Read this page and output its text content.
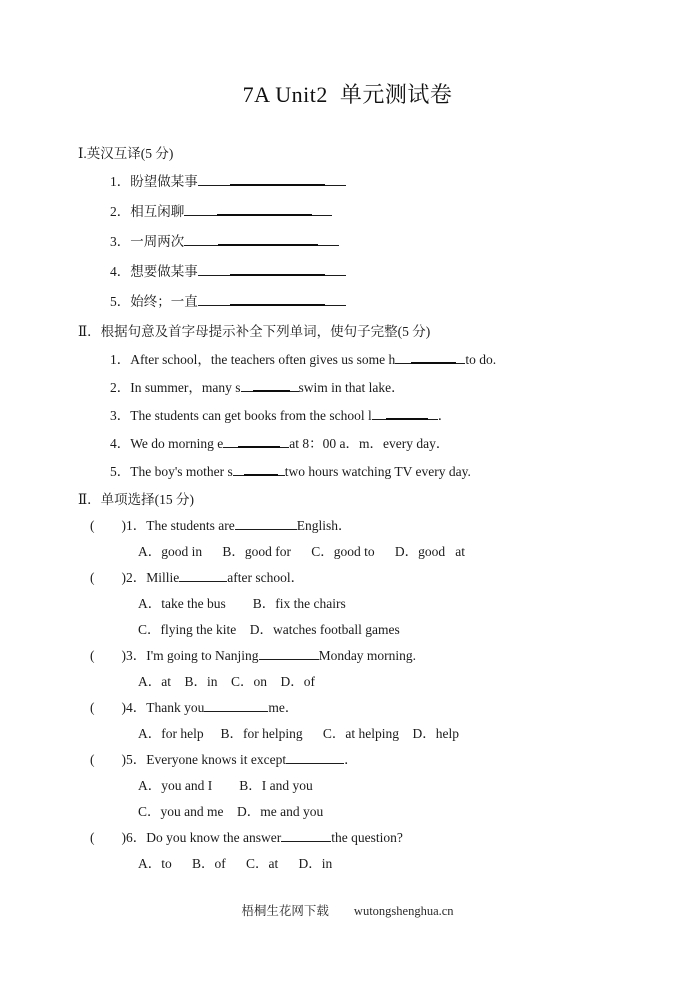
7A Unit2  单元测试卷
Ⅰ.英汉互译(5 分)
1． 盼望做某事
2． 相互闲聊
3． 一周两次
4． 想要做某事
5． 始终；一直
Ⅱ．根据句意及首字母提示补全下列单词，使句子完整(5 分)
1． After school，the teachers often gives us some h	to do.
2． In summer，many s	swim in that lake．
3． The students can get books from the school l	．
4． We do morning e	at 8：00 a．m．every day．
5． The boy's mother s	two hours watching TV every day.
Ⅱ．单项选择(15 分)
(        ) 1． The students are	English．
A．good in      B．good for      C．good to      D．good   at
(        ) 2． Millie	after school．
A．take the bus        B．fix the chairs
C．flying the kite    D．watches football games
(        ) 3． I'm going to Nanjing	Monday morning.
A．at    B．in    C．on    D．of
(        ) 4． Thank you	me．
A．for help     B．for helping      C．at helping    D．help
(        ) 5． Everyone knows it except	．
A．you and I        B．I and you
C．you and me    D．me and you
(        ) 6． Do you know the answer	the question?
A．to      B．of      C．at      D．in
梧桐生花网下载        wutongshenghua.cn
